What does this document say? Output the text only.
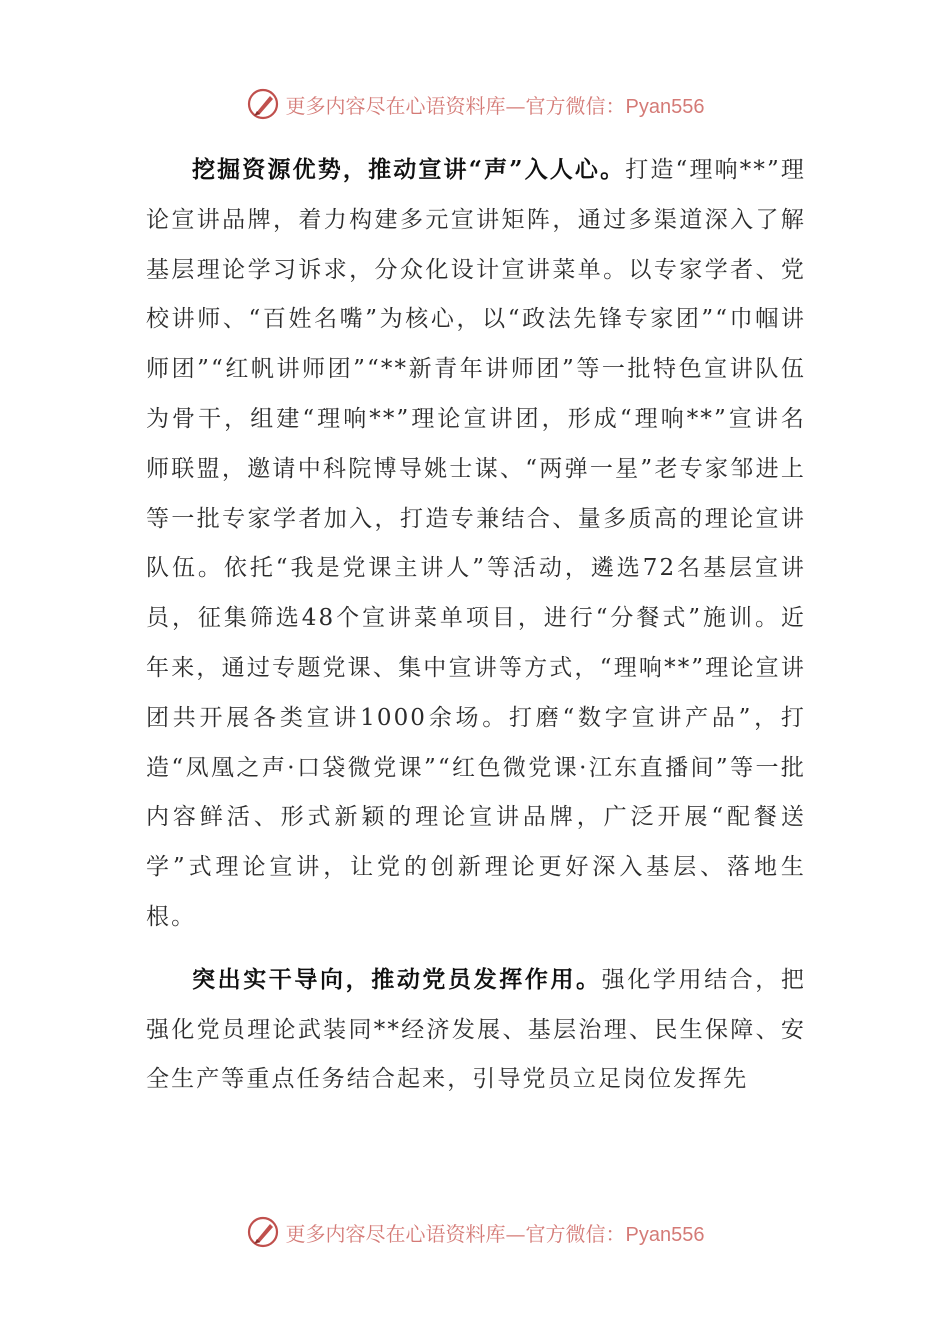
更多内容尽在心语资料库—官方微信：Pyan556

挖掘资源优势，推动宣讲“声”入人心。打造“理响**”理论宣讲品牌，着力构建多元宣讲矩阵，通过多渠道深入了解基层理论学习诉求，分众化设计宣讲菜单。以专家学者、党校讲师、“百姓名嘴”为核心，以“政法先锋专家团”“巾帼讲师团”“红帆讲师团”“**新青年讲师团”等一批特色宣讲队伍为骨干，组建“理响**”理论宣讲团，形成“理响**”宣讲名师联盟，邀请中科院博导姚士谋、“两弹一星”老专家邹进上等一批专家学者加入，打造专兼结合、量多质高的理论宣讲队伍。依托“我是党课主讲人”等活动，遴选72名基层宣讲员，征集筛选48个宣讲菜单项目，进行“分餐式”施训。近年来，通过专题党课、集中宣讲等方式，“理响**”理论宣讲团共开展各类宣讲1000余场。打磨“数字宣讲产品”，打造“凤凰之声·口袋微党课”“红色微党课·江东直播间”等一批内容鲜活、形式新颖的理论宣讲品牌，广泛开展“配餐送学”式理论宣讲，让党的创新理论更好深入基层、落地生根。

突出实干导向，推动党员发挥作用。强化学用结合，把强化党员理论武装同**经济发展、基层治理、民生保障、安全生产等重点任务结合起来，引导党员立足岗位发挥先

更多内容尽在心语资料库—官方微信：Pyan556
